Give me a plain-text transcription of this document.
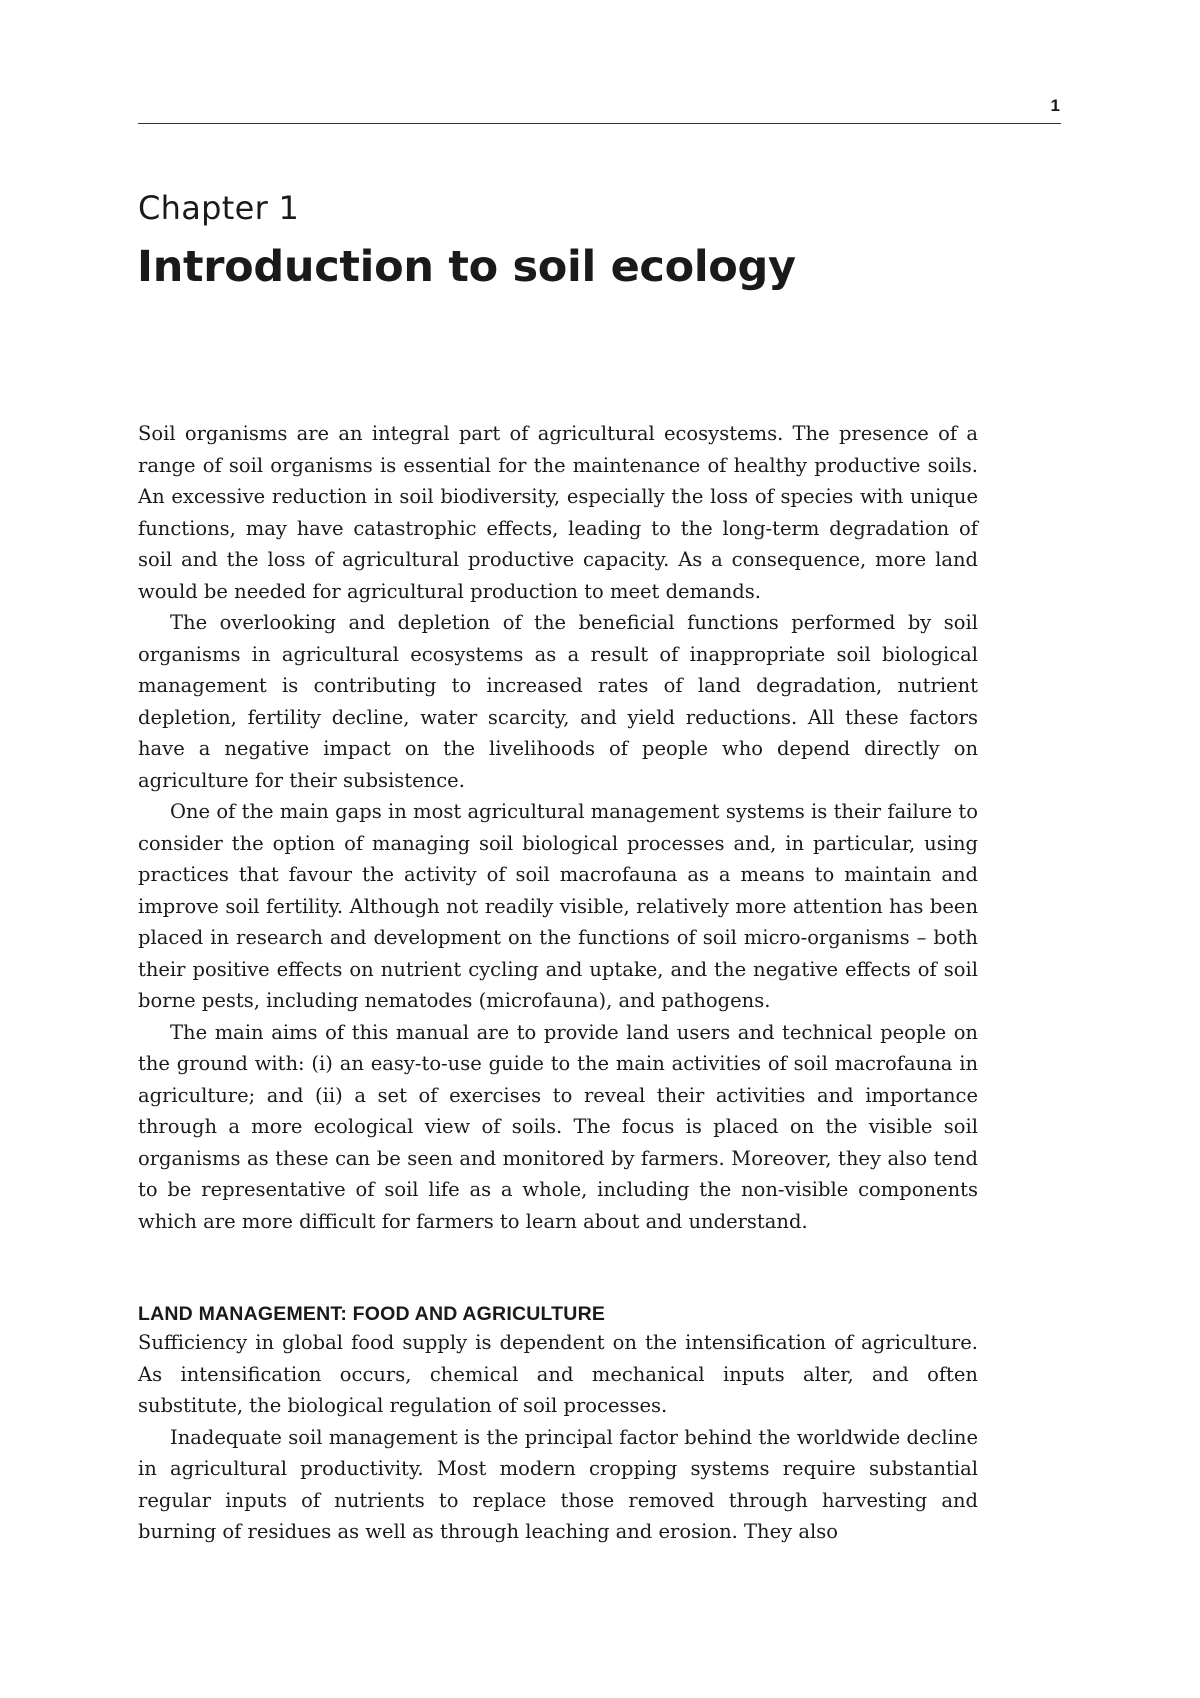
1
Chapter 1
Introduction to soil ecology

Soil organisms are an integral part of agricultural ecosystems. The presence of a range of soil organisms is essential for the maintenance of healthy productive soils. An excessive reduction in soil biodiversity, especially the loss of species with unique functions, may have catastrophic effects, leading to the long-term degradation of soil and the loss of agricultural productive capacity. As a consequence, more land would be needed for agricultural production to meet demands.

The overlooking and depletion of the beneficial functions performed by soil organisms in agricultural ecosystems as a result of inappropriate soil biological management is contributing to increased rates of land degradation, nutrient depletion, fertility decline, water scarcity, and yield reductions. All these factors have a negative impact on the livelihoods of people who depend directly on agriculture for their subsistence.

One of the main gaps in most agricultural management systems is their failure to consider the option of managing soil biological processes and, in particular, using practices that favour the activity of soil macrofauna as a means to maintain and improve soil fertility. Although not readily visible, relatively more attention has been placed in research and development on the functions of soil micro-organisms – both their positive effects on nutrient cycling and uptake, and the negative effects of soil borne pests, including nematodes (microfauna), and pathogens.

The main aims of this manual are to provide land users and technical people on the ground with: (i) an easy-to-use guide to the main activities of soil macrofauna in agriculture; and (ii) a set of exercises to reveal their activities and importance through a more ecological view of soils. The focus is placed on the visible soil organisms as these can be seen and monitored by farmers. Moreover, they also tend to be representative of soil life as a whole, including the non-visible components which are more difficult for farmers to learn about and understand.

LAND MANAGEMENT: FOOD AND AGRICULTURE

Sufficiency in global food supply is dependent on the intensification of agriculture. As intensification occurs, chemical and mechanical inputs alter, and often substitute, the biological regulation of soil processes.

Inadequate soil management is the principal factor behind the worldwide decline in agricultural productivity. Most modern cropping systems require substantial regular inputs of nutrients to replace those removed through harvesting and burning of residues as well as through leaching and erosion. They also
